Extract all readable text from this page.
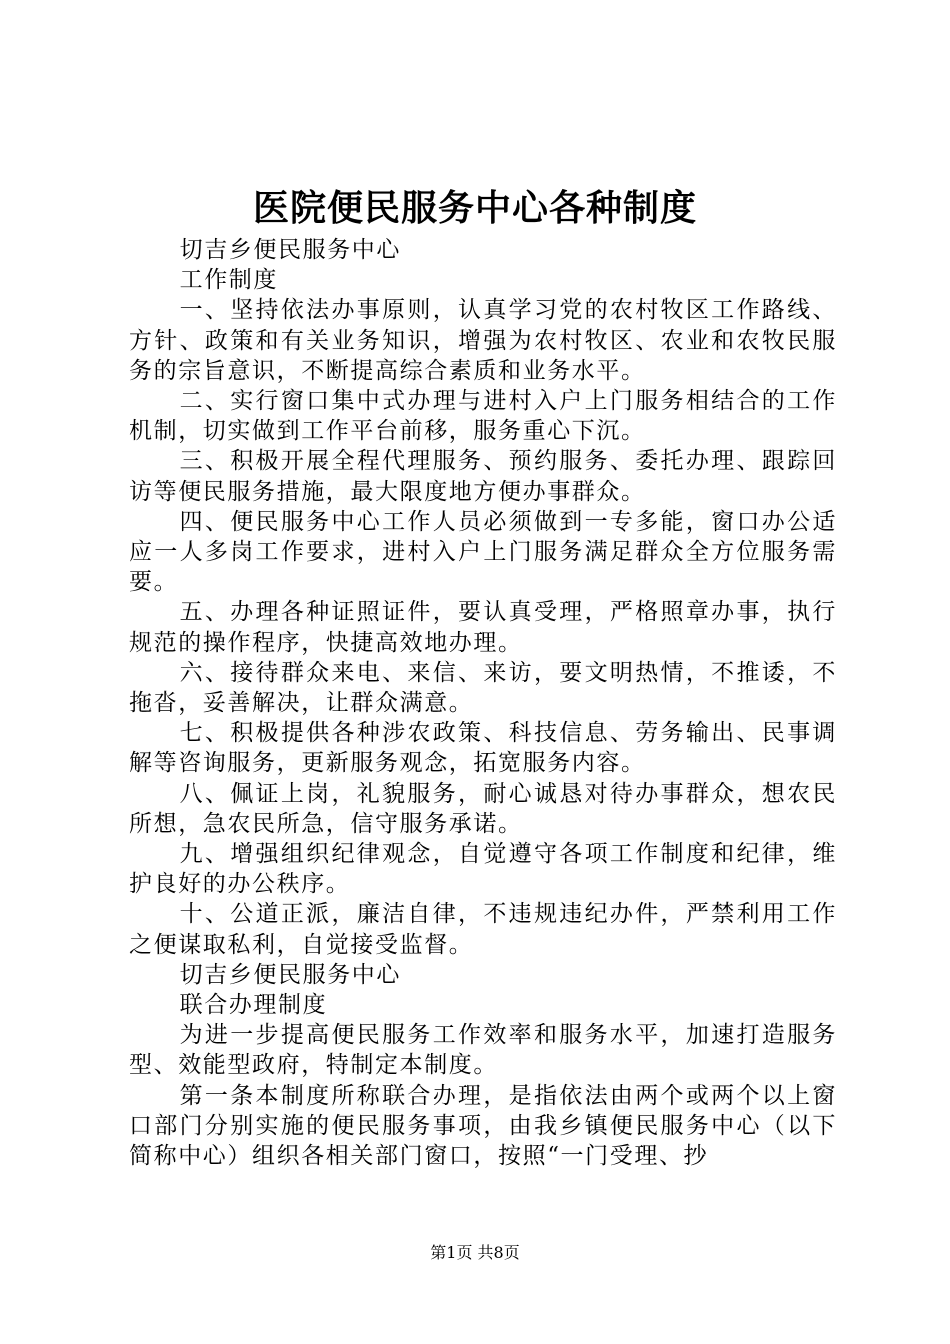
医院便民服务中心各种制度

切吉乡便民服务中心

工作制度

一、坚持依法办事原则，认真学习党的农村牧区工作路线、方针、政策和有关业务知识，增强为农村牧区、农业和农牧民服务的宗旨意识，不断提高综合素质和业务水平。

二、实行窗口集中式办理与进村入户上门服务相结合的工作机制，切实做到工作平台前移，服务重心下沉。

三、积极开展全程代理服务、预约服务、委托办理、跟踪回访等便民服务措施，最大限度地方便办事群众。

四、便民服务中心工作人员必须做到一专多能，窗口办公适应一人多岗工作要求，进村入户上门服务满足群众全方位服务需要。

五、办理各种证照证件，要认真受理，严格照章办事，执行规范的操作程序，快捷高效地办理。

六、接待群众来电、来信、来访，要文明热情，不推诿，不拖沓，妥善解决，让群众满意。

七、积极提供各种涉农政策、科技信息、劳务输出、民事调解等咨询服务，更新服务观念，拓宽服务内容。

八、佩证上岗，礼貌服务，耐心诚恳对待办事群众，想农民所想，急农民所急，信守服务承诺。

九、增强组织纪律观念，自觉遵守各项工作制度和纪律，维护良好的办公秩序。

十、公道正派，廉洁自律，不违规违纪办件，严禁利用工作之便谋取私利，自觉接受监督。

切吉乡便民服务中心

联合办理制度

为进一步提高便民服务工作效率和服务水平，加速打造服务型、效能型政府，特制定本制度。

第一条本制度所称联合办理，是指依法由两个或两个以上窗口部门分别实施的便民服务事项，由我乡镇便民服务中心（以下简称中心）组织各相关部门窗口，按照“一门受理、抄

第1页 共8页
